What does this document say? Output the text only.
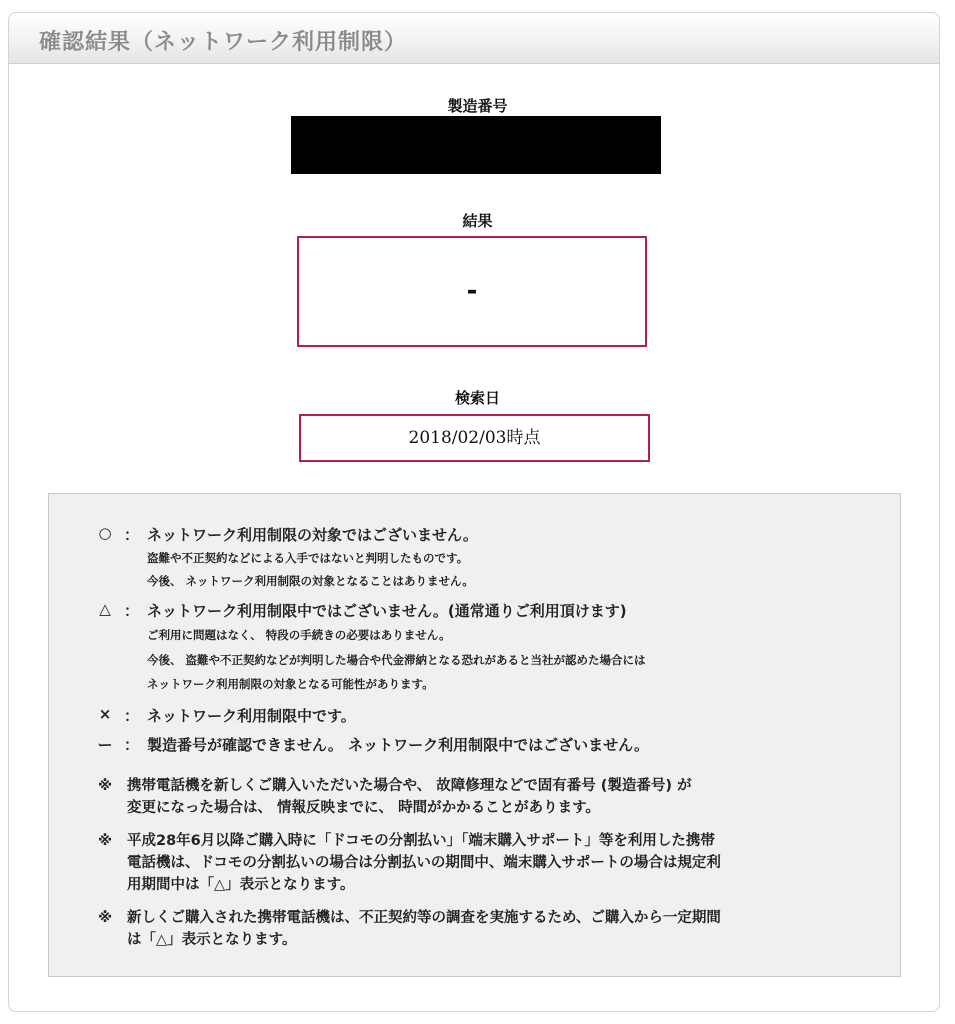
確認結果（ネットワーク利用制限）
製造番号
結果
-
検索日
2018/02/03時点
○ ： ネットワーク利用制限の対象ではございません。
盗難や不正契約などによる入手ではないと判明したものです。
今後、 ネットワーク利用制限の対象となることはありません。
△ ： ネットワーク利用制限中ではございません。(通常通りご利用頂けます)
ご利用に問題はなく、 特段の手続きの必要はありません。
今後、 盗難や不正契約などが判明した場合や代金滞納となる恐れがあると当社が認めた場合には
ネットワーク利用制限の対象となる可能性があります。
× ： ネットワーク利用制限中です。
ー ： 製造番号が確認できません。 ネットワーク利用制限中ではございません。
※ 携帯電話機を新しくご購入いただいた場合や、 故障修理などで固有番号 (製造番号) が
変更になった場合は、 情報反映までに、 時間がかかることがあります。
※ 平成28年6月以降ご購入時に「ドコモの分割払い」「端末購入サポート」等を利用した携帯
電話機は、ドコモの分割払いの場合は分割払いの期間中、端末購入サポートの場合は規定利
用期間中は「△」表示となります。
※ 新しくご購入された携帯電話機は、不正契約等の調査を実施するため、ご購入から一定期間
は「△」表示となります。
